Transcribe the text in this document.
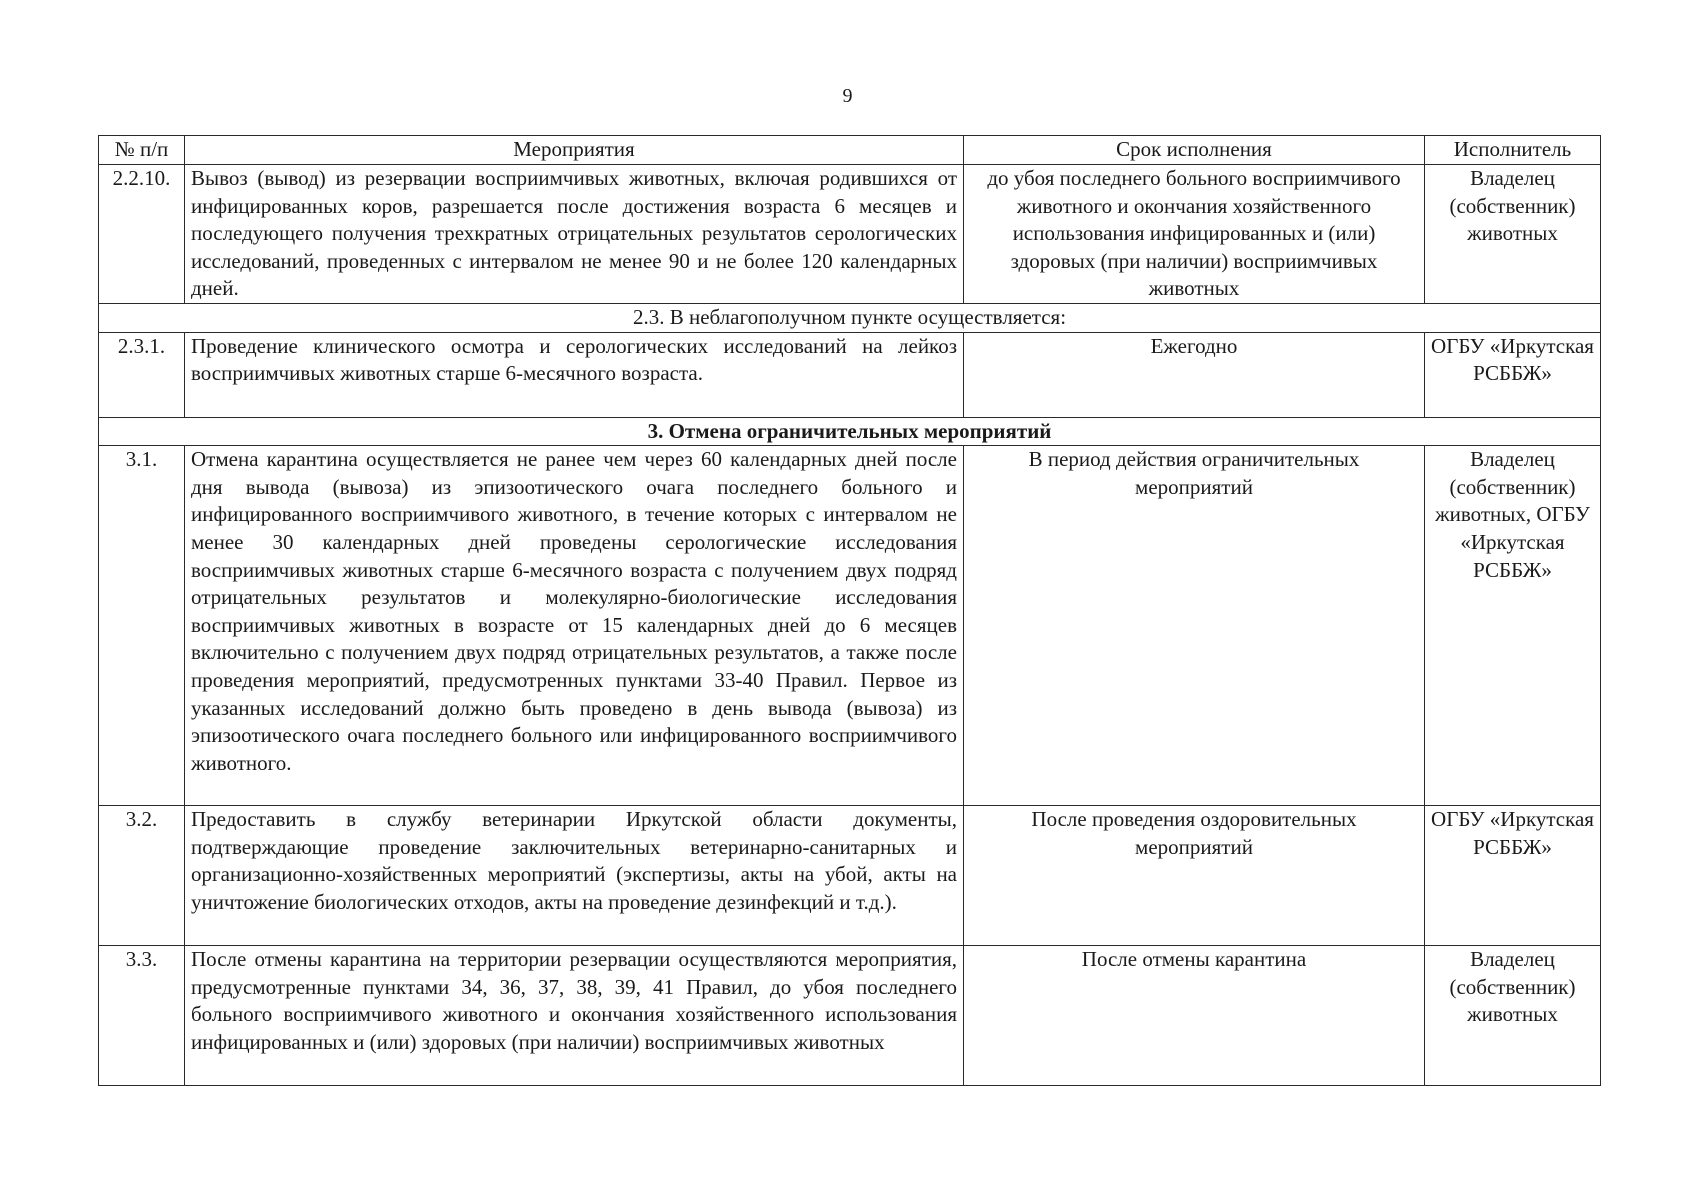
9
№ п/п	Мероприятия	Срок исполнения	Исполнитель
2.2.10.	Вывоз (вывод) из резервации восприимчивых животных, включая родившихся от инфицированных коров, разрешается после достижения возраста 6 месяцев и последующего получения трехкратных отрицательных результатов серологических исследований, проведенных с интервалом не менее 90 и не более 120 календарных дней.	до убоя последнего больного восприимчивого животного и окончания хозяйственного использования инфицированных и (или) здоровых (при наличии) восприимчивых животных	Владелец (собственник) животных
2.3. В неблагополучном пункте осуществляется:			
2.3.1.	Проведение клинического осмотра и серологических исследований на лейкоз восприимчивых животных старше 6-месячного возраста.	Ежегодно	ОГБУ «Иркутская РСББЖ»
3. Отмена ограничительных мероприятий			
3.1.	Отмена карантина осуществляется не ранее чем через 60 календарных дней после дня вывода (вывоза) из эпизоотического очага последнего больного и инфицированного восприимчивого животного, в течение которых с интервалом не менее 30 календарных дней проведены серологические исследования восприимчивых животных старше 6-месячного возраста с получением двух подряд отрицательных результатов и молекулярно-биологические исследования восприимчивых животных в возрасте от 15 календарных дней до 6 месяцев включительно с получением двух подряд отрицательных результатов, а также после проведения мероприятий, предусмотренных пунктами 33-40 Правил. Первое из указанных исследований должно быть проведено в день вывода (вывоза) из эпизоотического очага последнего больного или инфицированного восприимчивого животного.	В период действия ограничительных мероприятий	Владелец (собственник) животных, ОГБУ «Иркутская РСББЖ»
3.2.	Предоставить в службу ветеринарии Иркутской области документы, подтверждающие проведение заключительных ветеринарно-санитарных и организационно-хозяйственных мероприятий (экспертизы, акты на убой, акты на уничтожение биологических отходов, акты на проведение дезинфекций и т.д.).	После проведения оздоровительных мероприятий	ОГБУ «Иркутская РСББЖ»
3.3.	После отмены карантина на территории резервации осуществляются мероприятия, предусмотренные пунктами 34, 36, 37, 38, 39, 41 Правил, до убоя последнего больного восприимчивого животного и окончания хозяйственного использования инфицированных и (или) здоровых (при наличии) восприимчивых животных	После отмены карантина	Владелец (собственник) животных
